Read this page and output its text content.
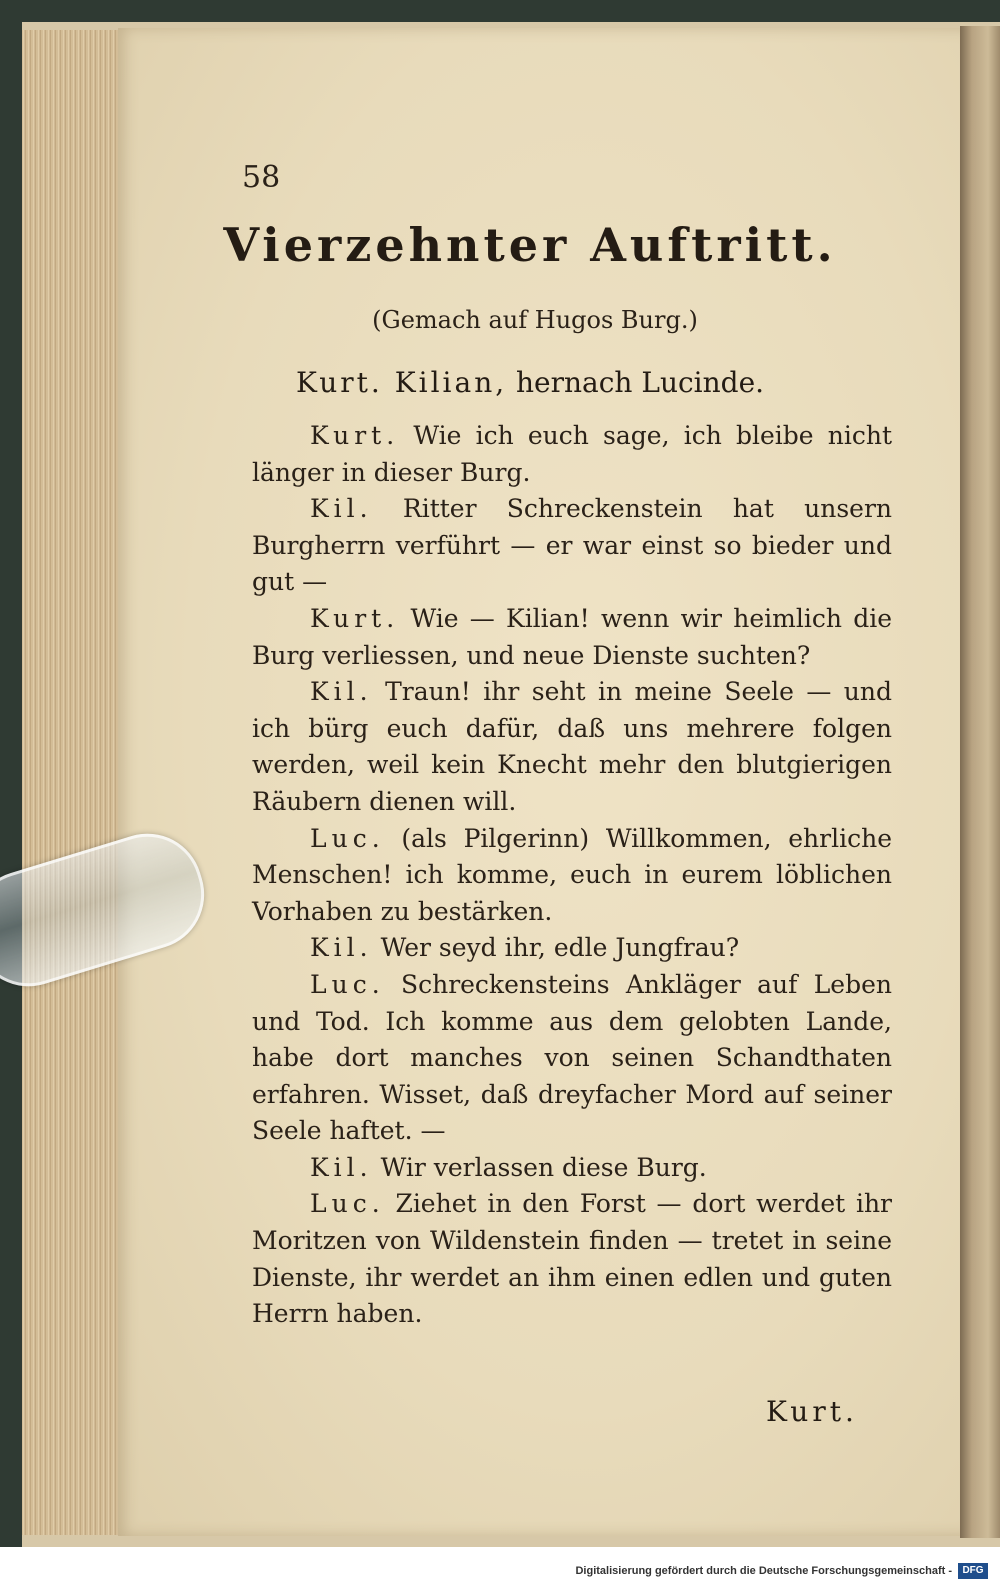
58
Vierzehnter Auftritt.
(Gemach auf Hugos Burg.)
Kurt. Kilian, hernach Lucinde.

Kurt. Wie ich euch sage, ich bleibe nicht länger in dieser Burg.

Kil. Ritter Schreckenstein hat unsern Burgherrn verführt — er war einst so bieder und gut —

Kurt. Wie — Kilian! wenn wir heimlich die Burg verliessen, und neue Dienste suchten?

Kil. Traun! ihr seht in meine Seele — und ich bürg euch dafür, daß uns mehrere folgen werden, weil kein Knecht mehr den blutgierigen Räubern dienen will.

Luc. (als Pilgerinn) Willkommen, ehrliche Menschen! ich komme, euch in eurem löblichen Vorhaben zu bestärken.

Kil. Wer seyd ihr, edle Jungfrau?

Luc. Schreckensteins Ankläger auf Leben und Tod. Ich komme aus dem gelobten Lande, habe dort manches von seinen Schandthaten erfahren. Wisset, daß dreyfacher Mord auf seiner Seele haftet. —

Kil. Wir verlassen diese Burg.

Luc. Ziehet in den Forst — dort werdet ihr Moritzen von Wildenstein finden — tretet in seine Dienste, ihr werdet an ihm einen edlen und guten Herrn haben.

Kurt.
Digitalisierung gefördert durch die Deutsche Forschungsgemeinschaft -	DFG
